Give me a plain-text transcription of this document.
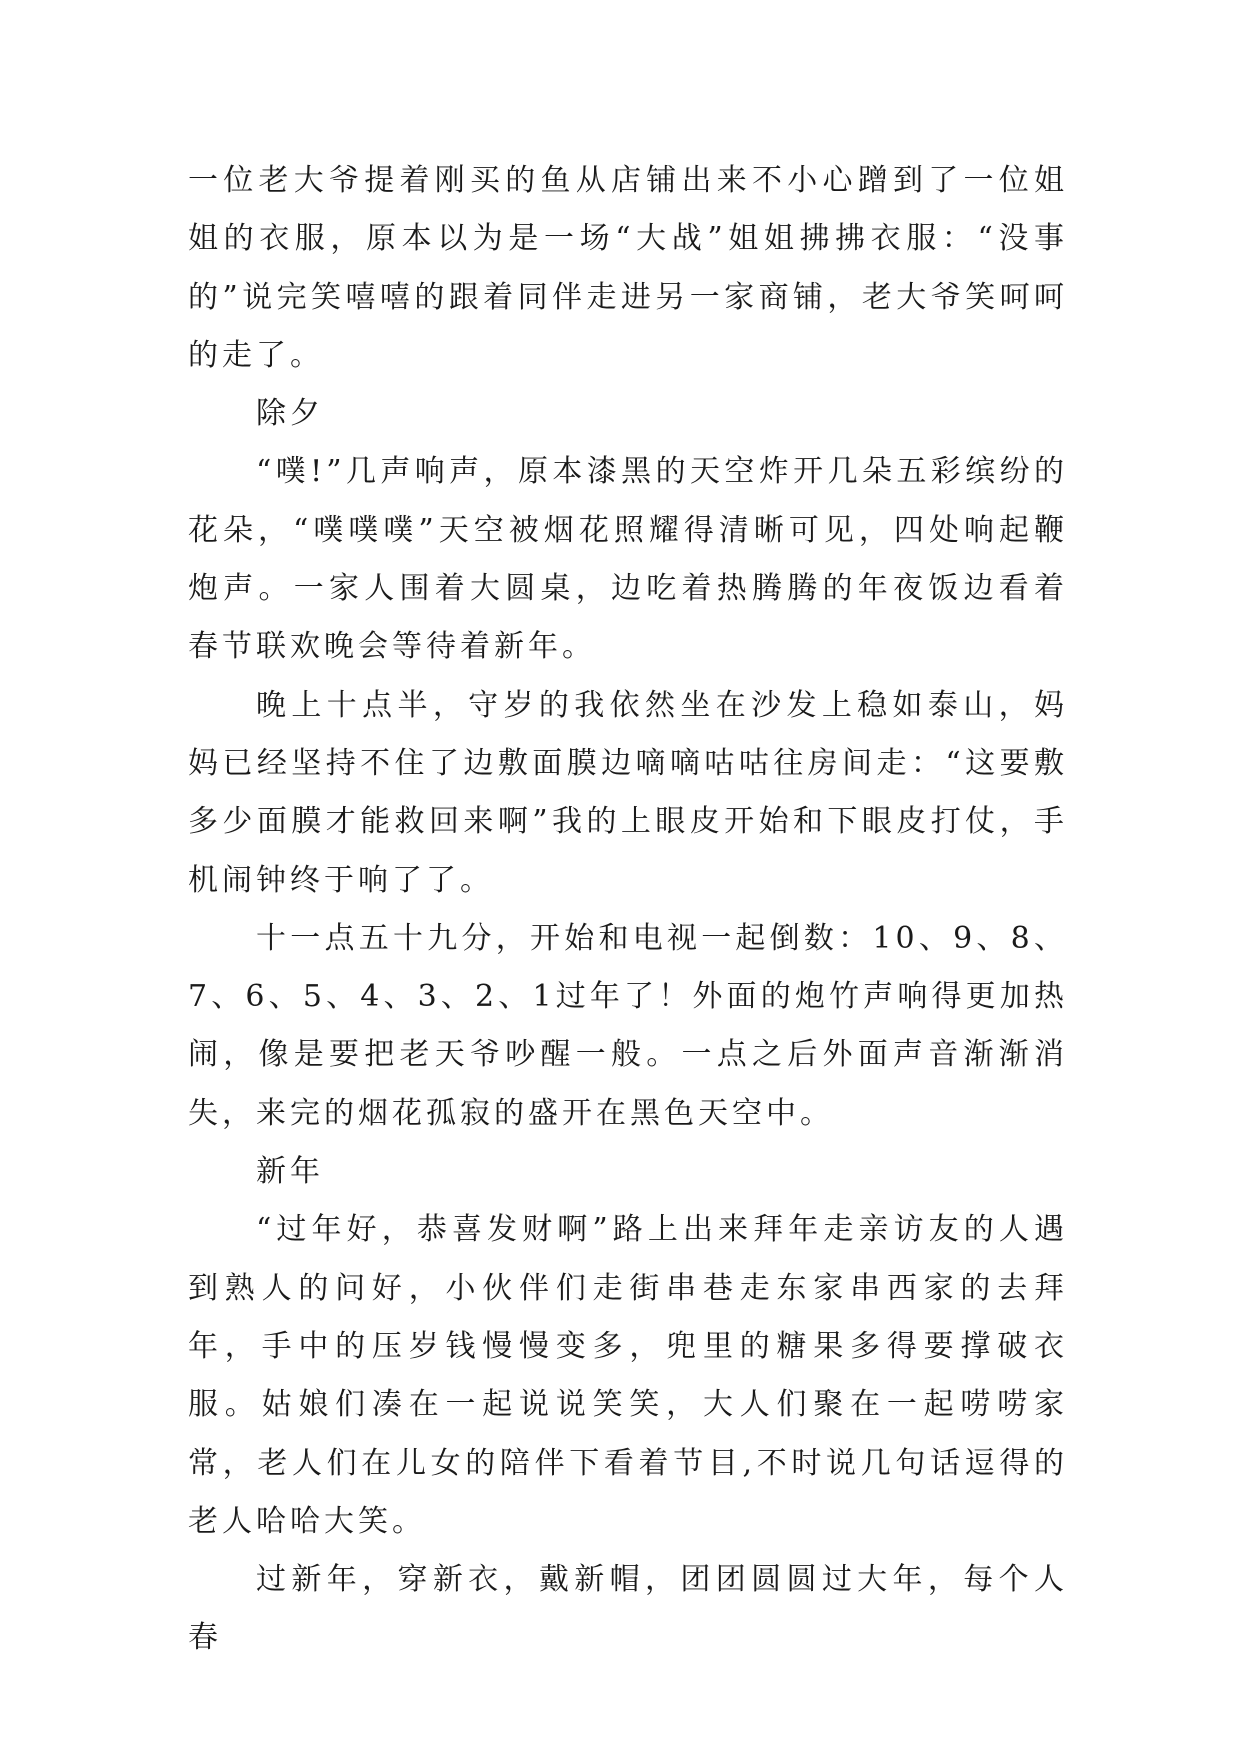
一位老大爷提着刚买的鱼从店铺出来不小心蹭到了一位姐姐的衣服，原本以为是一场“大战”姐姐拂拂衣服：“没事的”说完笑嘻嘻的跟着同伴走进另一家商铺，老大爷笑呵呵的走了。

除夕

“噗!”几声响声，原本漆黑的天空炸开几朵五彩缤纷的花朵，“噗噗噗”天空被烟花照耀得清晰可见，四处响起鞭炮声。一家人围着大圆桌，边吃着热腾腾的年夜饭边看着春节联欢晚会等待着新年。

晚上十点半，守岁的我依然坐在沙发上稳如泰山，妈妈已经坚持不住了边敷面膜边嘀嘀咕咕往房间走：“这要敷多少面膜才能救回来啊”我的上眼皮开始和下眼皮打仗，手机闹钟终于响了了。

十一点五十九分，开始和电视一起倒数：10、9、8、7、6、5、4、3、2、1过年了！外面的炮竹声响得更加热闹，像是要把老天爷吵醒一般。一点之后外面声音渐渐消失，来完的烟花孤寂的盛开在黑色天空中。

新年

“过年好，恭喜发财啊”路上出来拜年走亲访友的人遇到熟人的问好，小伙伴们走街串巷走东家串西家的去拜年，手中的压岁钱慢慢变多，兜里的糖果多得要撑破衣服。姑娘们凑在一起说说笑笑，大人们聚在一起唠唠家常，老人们在儿女的陪伴下看着节目,不时说几句话逗得的老人哈哈大笑。

过新年，穿新衣，戴新帽，团团圆圆过大年，每个人春
